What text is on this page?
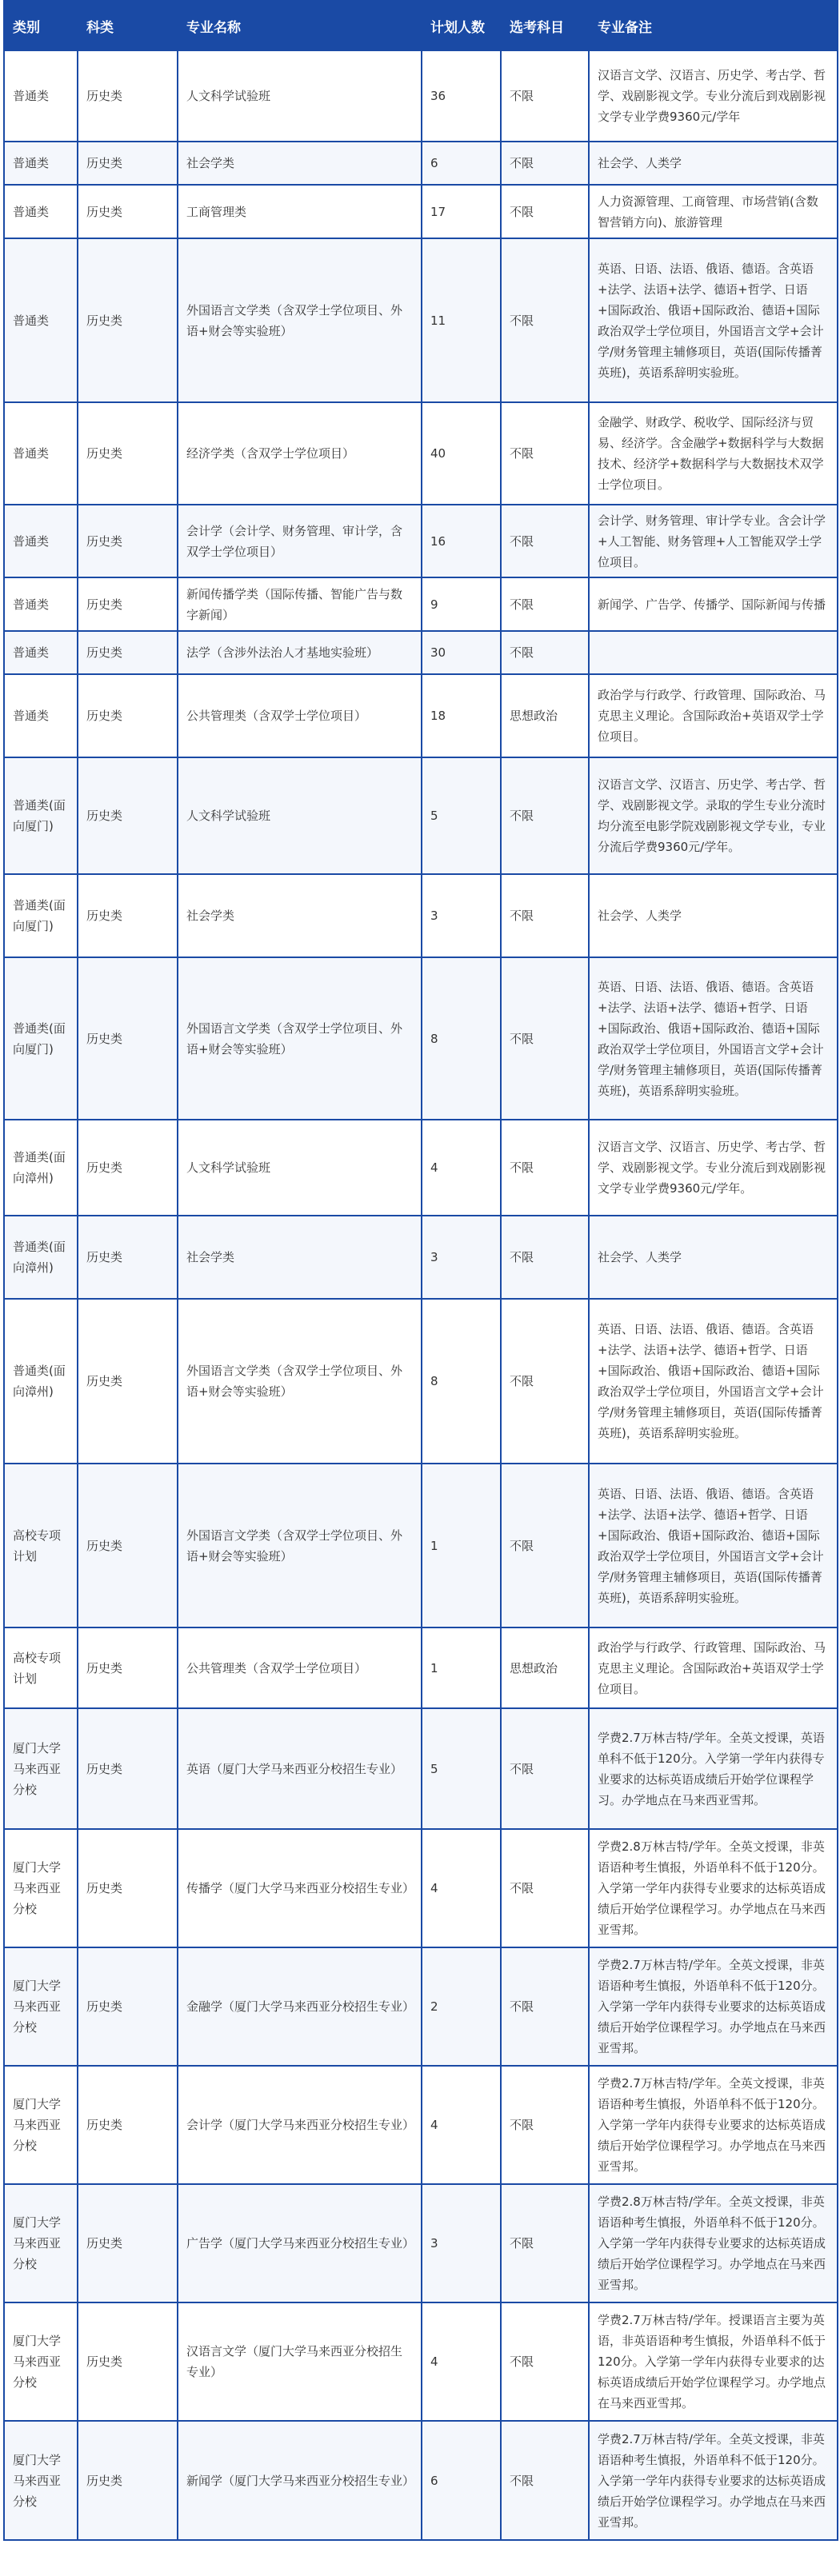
类别	科类	专业名称	计划人数	选考科目	专业备注
普通类	历史类	人文科学试验班	36	不限	汉语言文学、汉语言、历史学、考古学、哲学、戏剧影视文学。专业分流后到戏剧影视文学专业学费9360元/学年
普通类	历史类	社会学类	6	不限	社会学、人类学
普通类	历史类	工商管理类	17	不限	人力资源管理、工商管理、市场营销(含数智营销方向)、旅游管理
普通类	历史类	外国语言文学类（含双学士学位项目、外语+财会等实验班）	11	不限	英语、日语、法语、俄语、德语。含英语+法学、法语+法学、德语+哲学、日语+国际政治、俄语+国际政治、德语+国际政治双学士学位项目，外国语言文学+会计学/财务管理主辅修项目，英语(国际传播菁英班)，英语系辞明实验班。
普通类	历史类	经济学类（含双学士学位项目）	40	不限	金融学、财政学、税收学、国际经济与贸易、经济学。含金融学+数据科学与大数据技术、经济学+数据科学与大数据技术双学士学位项目。
普通类	历史类	会计学（会计学、财务管理、审计学，含双学士学位项目）	16	不限	会计学、财务管理、审计学专业。含会计学+人工智能、财务管理+人工智能双学士学位项目。
普通类	历史类	新闻传播学类（国际传播、智能广告与数字新闻）	9	不限	新闻学、广告学、传播学、国际新闻与传播
普通类	历史类	法学（含涉外法治人才基地实验班）	30	不限	
普通类	历史类	公共管理类（含双学士学位项目）	18	思想政治	政治学与行政学、行政管理、国际政治、马克思主义理论。含国际政治+英语双学士学位项目。
普通类(面向厦门)	历史类	人文科学试验班	5	不限	汉语言文学、汉语言、历史学、考古学、哲学、戏剧影视文学。录取的学生专业分流时均分流至电影学院戏剧影视文学专业，专业分流后学费9360元/学年。
普通类(面向厦门)	历史类	社会学类	3	不限	社会学、人类学
普通类(面向厦门)	历史类	外国语言文学类（含双学士学位项目、外语+财会等实验班）	8	不限	英语、日语、法语、俄语、德语。含英语+法学、法语+法学、德语+哲学、日语+国际政治、俄语+国际政治、德语+国际政治双学士学位项目，外国语言文学+会计学/财务管理主辅修项目，英语(国际传播菁英班)，英语系辞明实验班。
普通类(面向漳州)	历史类	人文科学试验班	4	不限	汉语言文学、汉语言、历史学、考古学、哲学、戏剧影视文学。专业分流后到戏剧影视文学专业学费9360元/学年。
普通类(面向漳州)	历史类	社会学类	3	不限	社会学、人类学
普通类(面向漳州)	历史类	外国语言文学类（含双学士学位项目、外语+财会等实验班）	8	不限	英语、日语、法语、俄语、德语。含英语+法学、法语+法学、德语+哲学、日语+国际政治、俄语+国际政治、德语+国际政治双学士学位项目，外国语言文学+会计学/财务管理主辅修项目，英语(国际传播菁英班)，英语系辞明实验班。
高校专项计划	历史类	外国语言文学类（含双学士学位项目、外语+财会等实验班）	1	不限	英语、日语、法语、俄语、德语。含英语+法学、法语+法学、德语+哲学、日语+国际政治、俄语+国际政治、德语+国际政治双学士学位项目，外国语言文学+会计学/财务管理主辅修项目，英语(国际传播菁英班)，英语系辞明实验班。
高校专项计划	历史类	公共管理类（含双学士学位项目）	1	思想政治	政治学与行政学、行政管理、国际政治、马克思主义理论。含国际政治+英语双学士学位项目。
厦门大学马来西亚分校	历史类	英语（厦门大学马来西亚分校招生专业）	5	不限	学费2.7万林吉特/学年。全英文授课，英语单科不低于120分。入学第一学年内获得专业要求的达标英语成绩后开始学位课程学习。办学地点在马来西亚雪邦。
厦门大学马来西亚分校	历史类	传播学（厦门大学马来西亚分校招生专业）	4	不限	学费2.8万林吉特/学年。全英文授课，非英语语种考生慎报，外语单科不低于120分。入学第一学年内获得专业要求的达标英语成绩后开始学位课程学习。办学地点在马来西亚雪邦。
厦门大学马来西亚分校	历史类	金融学（厦门大学马来西亚分校招生专业）	2	不限	学费2.7万林吉特/学年。全英文授课，非英语语种考生慎报，外语单科不低于120分。入学第一学年内获得专业要求的达标英语成绩后开始学位课程学习。办学地点在马来西亚雪邦。
厦门大学马来西亚分校	历史类	会计学（厦门大学马来西亚分校招生专业）	4	不限	学费2.7万林吉特/学年。全英文授课，非英语语种考生慎报，外语单科不低于120分。入学第一学年内获得专业要求的达标英语成绩后开始学位课程学习。办学地点在马来西亚雪邦。
厦门大学马来西亚分校	历史类	广告学（厦门大学马来西亚分校招生专业）	3	不限	学费2.8万林吉特/学年。全英文授课，非英语语种考生慎报，外语单科不低于120分。入学第一学年内获得专业要求的达标英语成绩后开始学位课程学习。办学地点在马来西亚雪邦。
厦门大学马来西亚分校	历史类	汉语言文学（厦门大学马来西亚分校招生专业）	4	不限	学费2.7万林吉特/学年。授课语言主要为英语，非英语语种考生慎报，外语单科不低于120分。入学第一学年内获得专业要求的达标英语成绩后开始学位课程学习。办学地点在马来西亚雪邦。
厦门大学马来西亚分校	历史类	新闻学（厦门大学马来西亚分校招生专业）	6	不限	学费2.7万林吉特/学年。全英文授课，非英语语种考生慎报，外语单科不低于120分。入学第一学年内获得专业要求的达标英语成绩后开始学位课程学习。办学地点在马来西亚雪邦。
